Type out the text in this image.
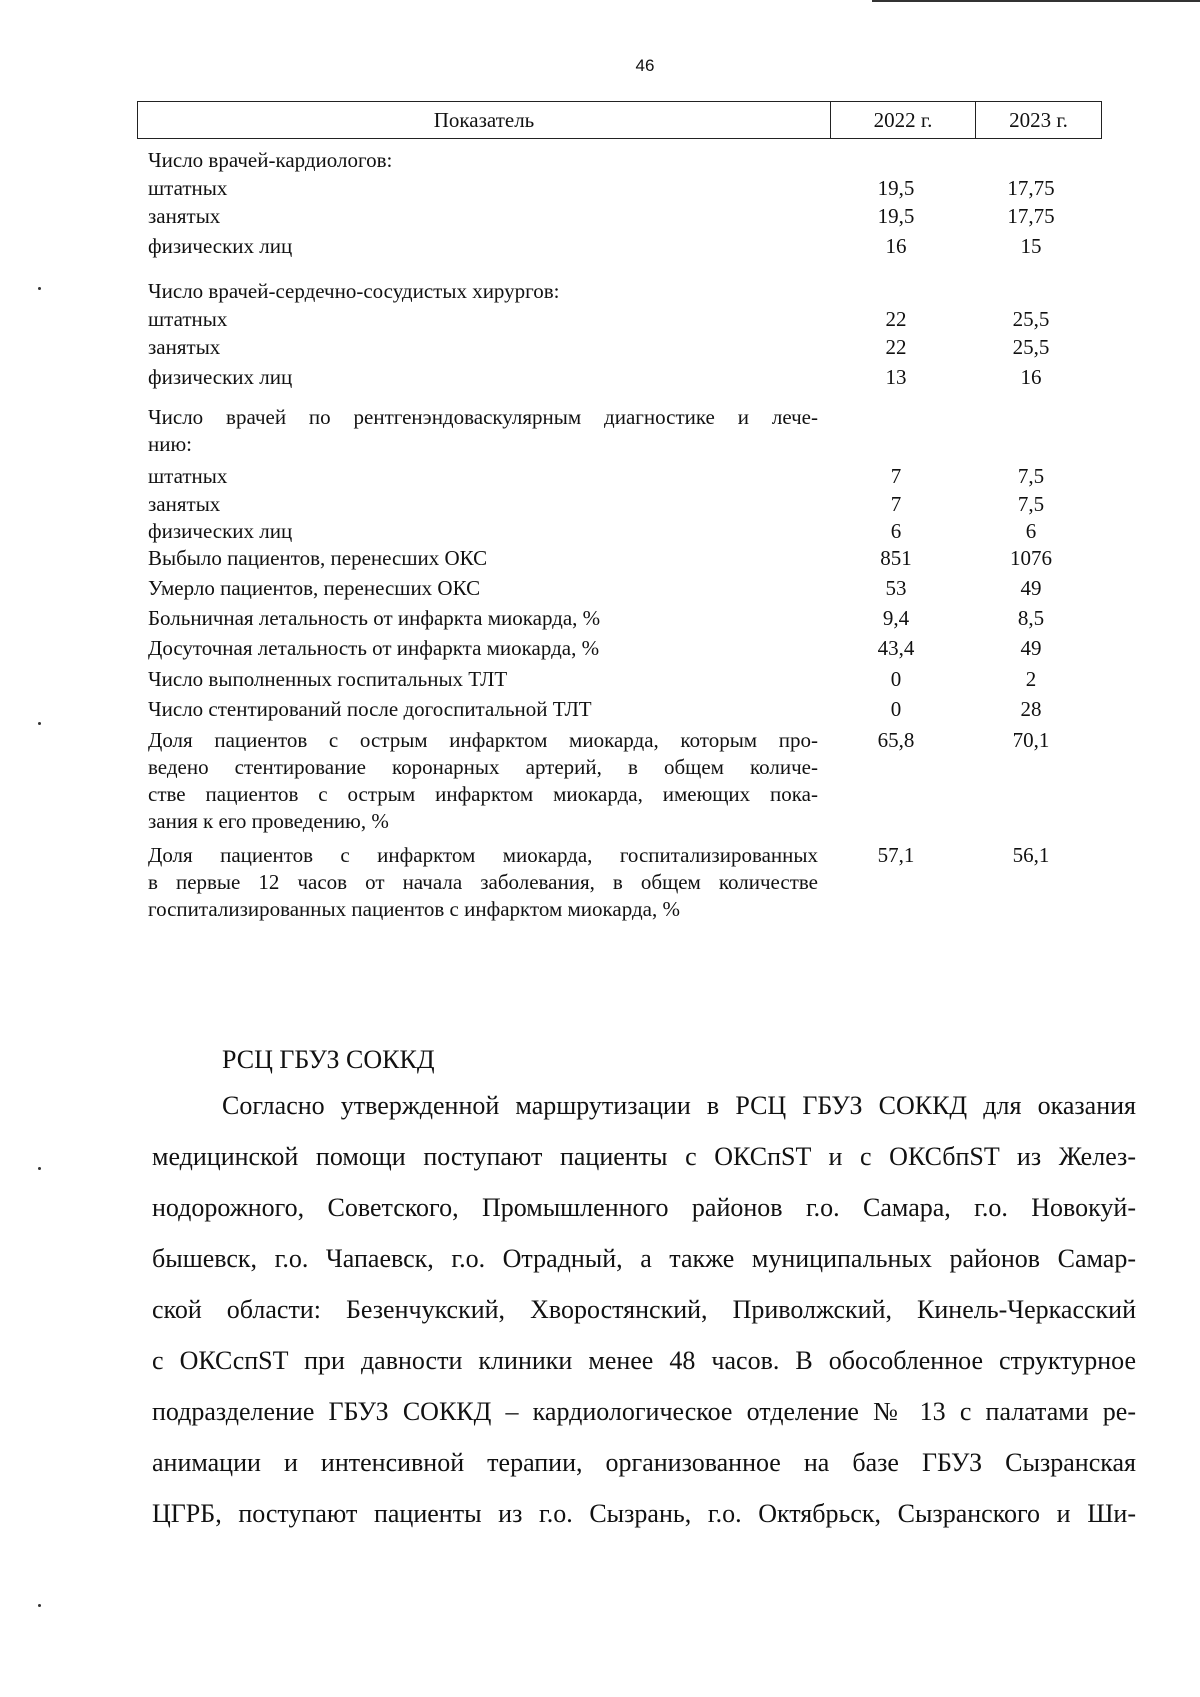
46
Показатель	2022 г.	2023 г.
Число врачей-кардиологов:
штатных	19,5	17,75
занятых	19,5	17,75
физических лиц	16	15
Число врачей-сердечно-сосудистых хирургов:
штатных	22	25,5
занятых	22	25,5
физических лиц	13	16
Число врачей по рентгенэндоваскулярным диагностике и лече-
нию:
штатных	7	7,5
занятых	7	7,5
физических лиц	6	6
Выбыло пациентов, перенесших ОКС	851	1076
Умерло пациентов, перенесших ОКС	53	49
Больничная летальность от инфаркта миокарда, %	9,4	8,5
Досуточная летальность от инфаркта миокарда, %	43,4	49
Число выполненных госпитальных ТЛТ	0	2
Число стентирований после догоспитальной ТЛТ	0	28
Доля пациентов с острым инфарктом миокарда, которым про-
ведено стентирование коронарных артерий, в общем количе-
стве пациентов с острым инфарктом миокарда, имеющих пока-
зания к его проведению, %
65,8	70,1
Доля пациентов с инфарктом миокарда, госпитализированных
в первые 12 часов от начала заболевания, в общем количестве
госпитализированных пациентов с инфарктом миокарда, %
57,1	56,1
РСЦ ГБУЗ СОККД
Согласно утвержденной маршрутизации в РСЦ ГБУЗ СОККД для оказания
медицинской помощи поступают пациенты с ОКСпST и с ОКСбпST из Желез-
нодорожного, Советского, Промышленного районов г.о. Самара, г.о. Новокуй-
бышевск, г.о. Чапаевск, г.о. Отрадный, а также муниципальных районов Самар-
ской области: Безенчукский, Хворостянский, Приволжский, Кинель-Черкасский
с ОКСспST при давности клиники менее 48 часов. В обособленное структурное
подразделение ГБУЗ СОККД – кардиологическое отделение № 13 с палатами ре-
анимации и интенсивной терапии, организованное на базе ГБУЗ Сызранская
ЦГРБ, поступают пациенты из г.о. Сызрань, г.о. Октябрьск, Сызранского и Ши-
